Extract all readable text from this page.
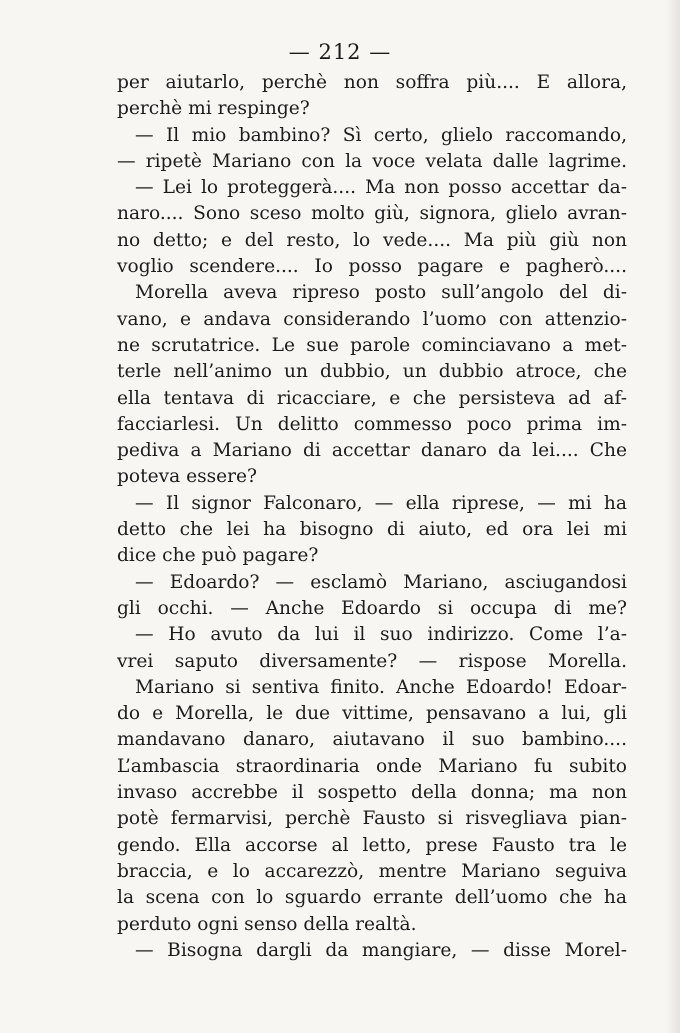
— 212 —
per aiutarlo, perchè non soffra più.... E allora,
perchè mi respinge?
— Il mio bambino? Sì certo, glielo raccomando,
— ripetè Mariano con la voce velata dalle lagrime.
— Lei lo proteggerà.... Ma non posso accettar da-
naro.... Sono sceso molto giù, signora, glielo avran-
no detto; e del resto, lo vede.... Ma più giù non
voglio scendere.... Io posso pagare e pagherò....
Morella aveva ripreso posto sull’angolo del di-
vano, e andava considerando l’uomo con attenzio-
ne scrutatrice. Le sue parole cominciavano a met-
terle nell’animo un dubbio, un dubbio atroce, che
ella tentava di ricacciare, e che persisteva ad af-
facciarlesi. Un delitto commesso poco prima im-
pediva a Mariano di accettar danaro da lei.... Che
poteva essere?
— Il signor Falconaro, — ella riprese, — mi ha
detto che lei ha bisogno di aiuto, ed ora lei mi
dice che può pagare?
— Edoardo? — esclamò Mariano, asciugandosi
gli occhi. — Anche Edoardo si occupa di me?
— Ho avuto da lui il suo indirizzo. Come l’a-
vrei saputo diversamente? — rispose Morella.
Mariano si sentiva finito. Anche Edoardo! Edoar-
do e Morella, le due vittime, pensavano a lui, gli
mandavano danaro, aiutavano il suo bambino....
L’ambascia straordinaria onde Mariano fu subito
invaso accrebbe il sospetto della donna; ma non
potè fermarvisi, perchè Fausto si risvegliava pian-
gendo. Ella accorse al letto, prese Fausto tra le
braccia, e lo accarezzò, mentre Mariano seguiva
la scena con lo sguardo errante dell’uomo che ha
perduto ogni senso della realtà.
— Bisogna dargli da mangiare, — disse Morel-
